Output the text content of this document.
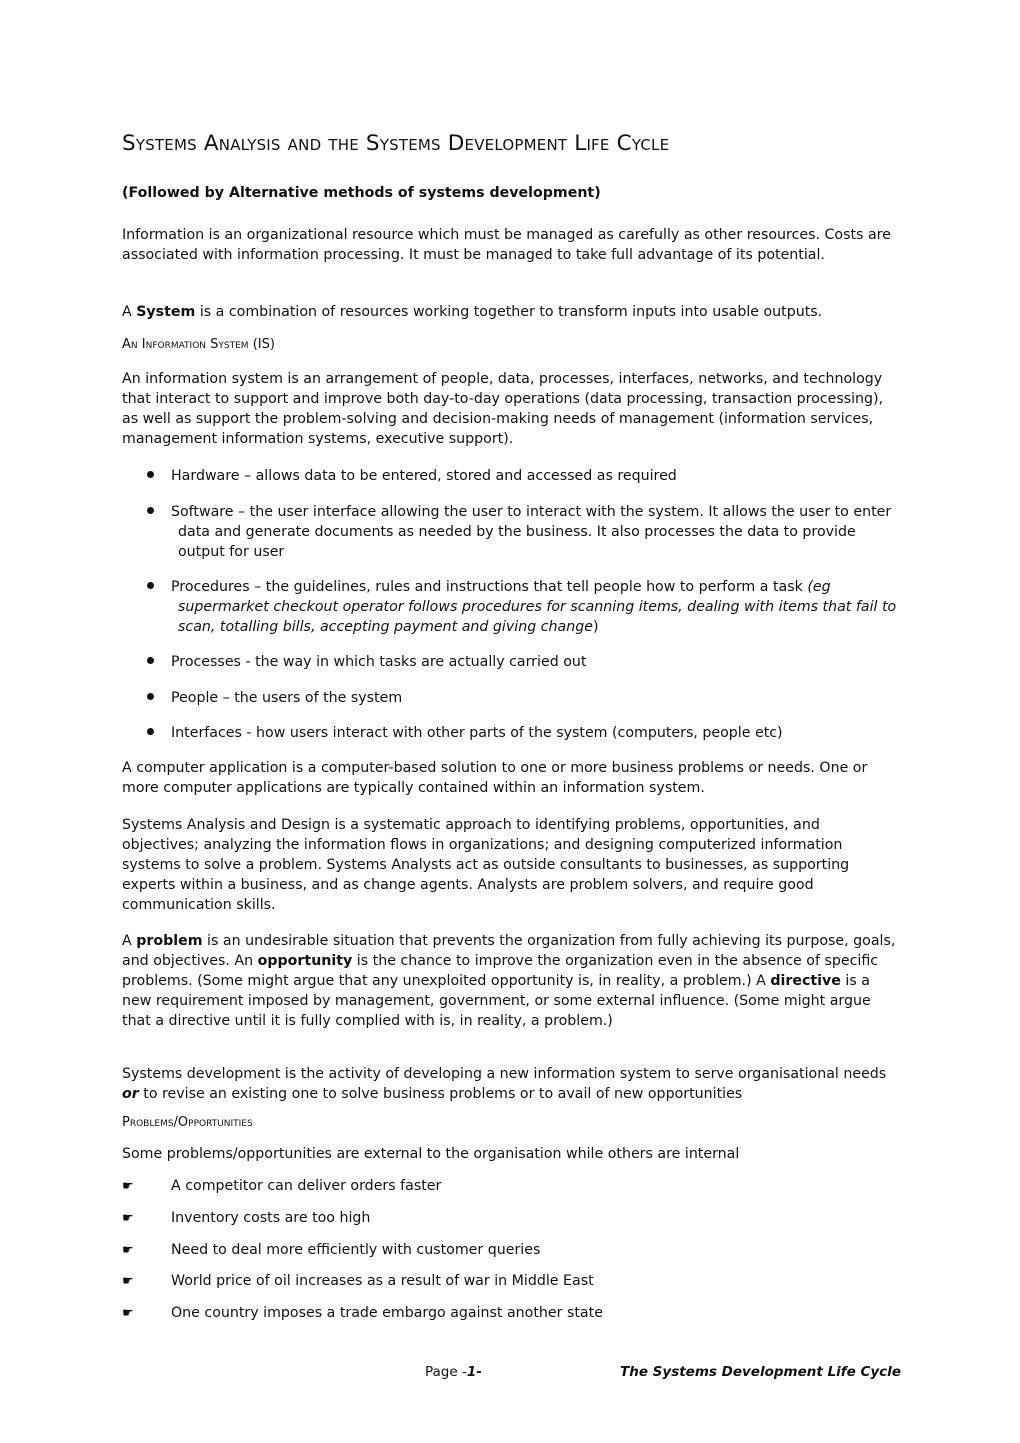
Systems Analysis and the Systems Development Life Cycle

(Followed by Alternative methods of systems development)

Information is an organizational resource which must be managed as carefully as other resources. Costs are associated with information processing. It must be managed to take full advantage of its potential.

A System is a combination of resources working together to transform inputs into usable outputs.

An Information System (IS)

An information system is an arrangement of people, data, processes, interfaces, networks, and technology that interact to support and improve both day-to-day operations (data processing, transaction processing), as well as support the problem-solving and decision-making needs of management (information services, management information systems, executive support).

Hardware – allows data to be entered, stored and accessed as required

Software – the user interface allowing the user to interact with the system. It allows the user to enter data and generate documents as needed by the business. It also processes the data to provide output for user

Procedures – the guidelines, rules and instructions that tell people how to perform a task (eg supermarket checkout operator follows procedures for scanning items, dealing with items that fail to scan, totalling bills, accepting payment and giving change)

Processes - the way in which tasks are actually carried out

People – the users of the system

Interfaces - how users interact with other parts of the system (computers, people etc)

A computer application is a computer-based solution to one or more business problems or needs. One or more computer applications are typically contained within an information system.

Systems Analysis and Design is a systematic approach to identifying problems, opportunities, and objectives; analyzing the information flows in organizations; and designing computerized information systems to solve a problem. Systems Analysts act as outside consultants to businesses, as supporting experts within a business, and as change agents. Analysts are problem solvers, and require good communication skills.

A problem is an undesirable situation that prevents the organization from fully achieving its purpose, goals, and objectives. An opportunity is the chance to improve the organization even in the absence of specific problems. (Some might argue that any unexploited opportunity is, in reality, a problem.) A directive is a new requirement imposed by management, government, or some external influence. (Some might argue that a directive until it is fully complied with is, in reality, a problem.)

Systems development is the activity of developing a new information system to serve organisational needs or to revise an existing one to solve business problems or to avail of new opportunities

Problems/Opportunities

Some problems/opportunities are external to the organisation while others are internal

☛	A competitor can deliver orders faster
☛	Inventory costs are too high
☛	Need to deal more efficiently with customer queries
☛	World price of oil increases as a result of war in Middle East
☛	One country imposes a trade embargo against another state
Page -1-	The Systems Development Life Cycle
